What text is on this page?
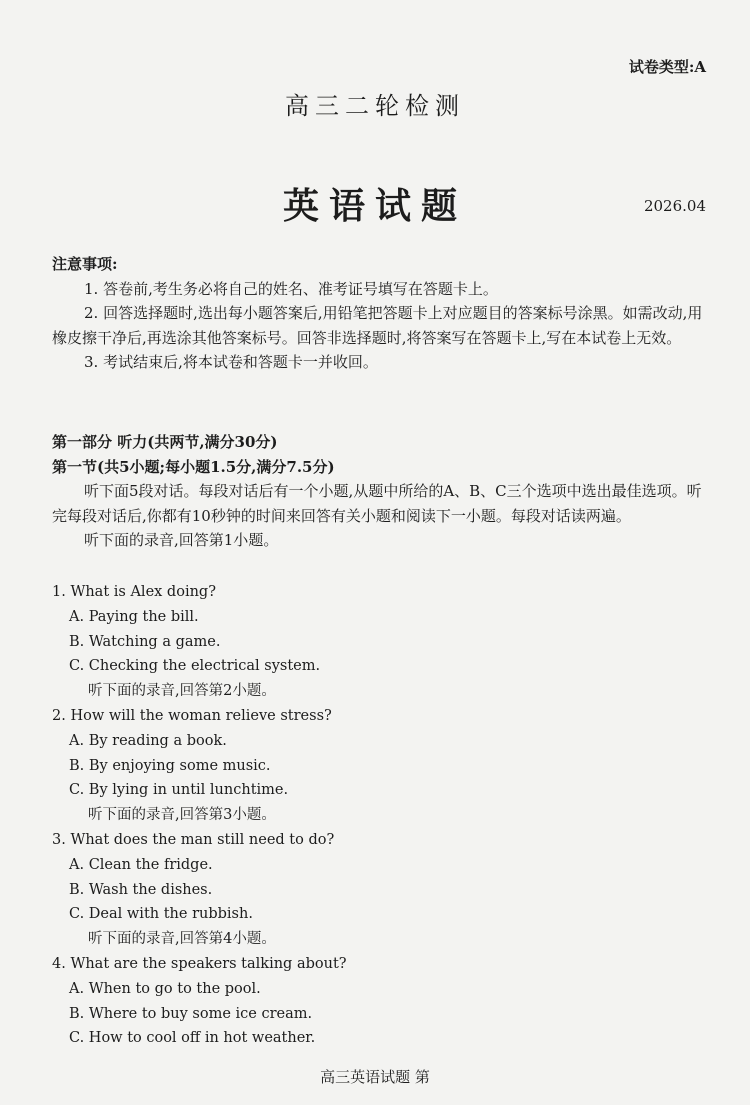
试卷类型:A
高三二轮检测
英语试题	2026.04

注意事项:

1. 答卷前,考生务必将自己的姓名、准考证号填写在答题卡上。

2. 回答选择题时,选出每小题答案后,用铅笔把答题卡上对应题目的答案标号涂黑。如需改动,用橡皮擦干净后,再选涂其他答案标号。回答非选择题时,将答案写在答题卡上,写在本试卷上无效。

3. 考试结束后,将本试卷和答题卡一并收回。

第一部分 听力(共两节,满分30分)

第一节(共5小题;每小题1.5分,满分7.5分)

听下面5段对话。每段对话后有一个小题,从题中所给的A、B、C三个选项中选出最佳选项。听完每段对话后,你都有10秒钟的时间来回答有关小题和阅读下一小题。每段对话读两遍。

听下面的录音,回答第1小题。

1. What is Alex doing?

A. Paying the bill.

B. Watching a game.

C. Checking the electrical system.

听下面的录音,回答第2小题。

2. How will the woman relieve stress?

A. By reading a book.

B. By enjoying some music.

C. By lying in until lunchtime.

听下面的录音,回答第3小题。

3. What does the man still need to do?

A. Clean the fridge.

B. Wash the dishes.

C. Deal with the rubbish.

听下面的录音,回答第4小题。

4. What are the speakers talking about?

A. When to go to the pool.

B. Where to buy some ice cream.

C. How to cool off in hot weather.

高三英语试题 第
